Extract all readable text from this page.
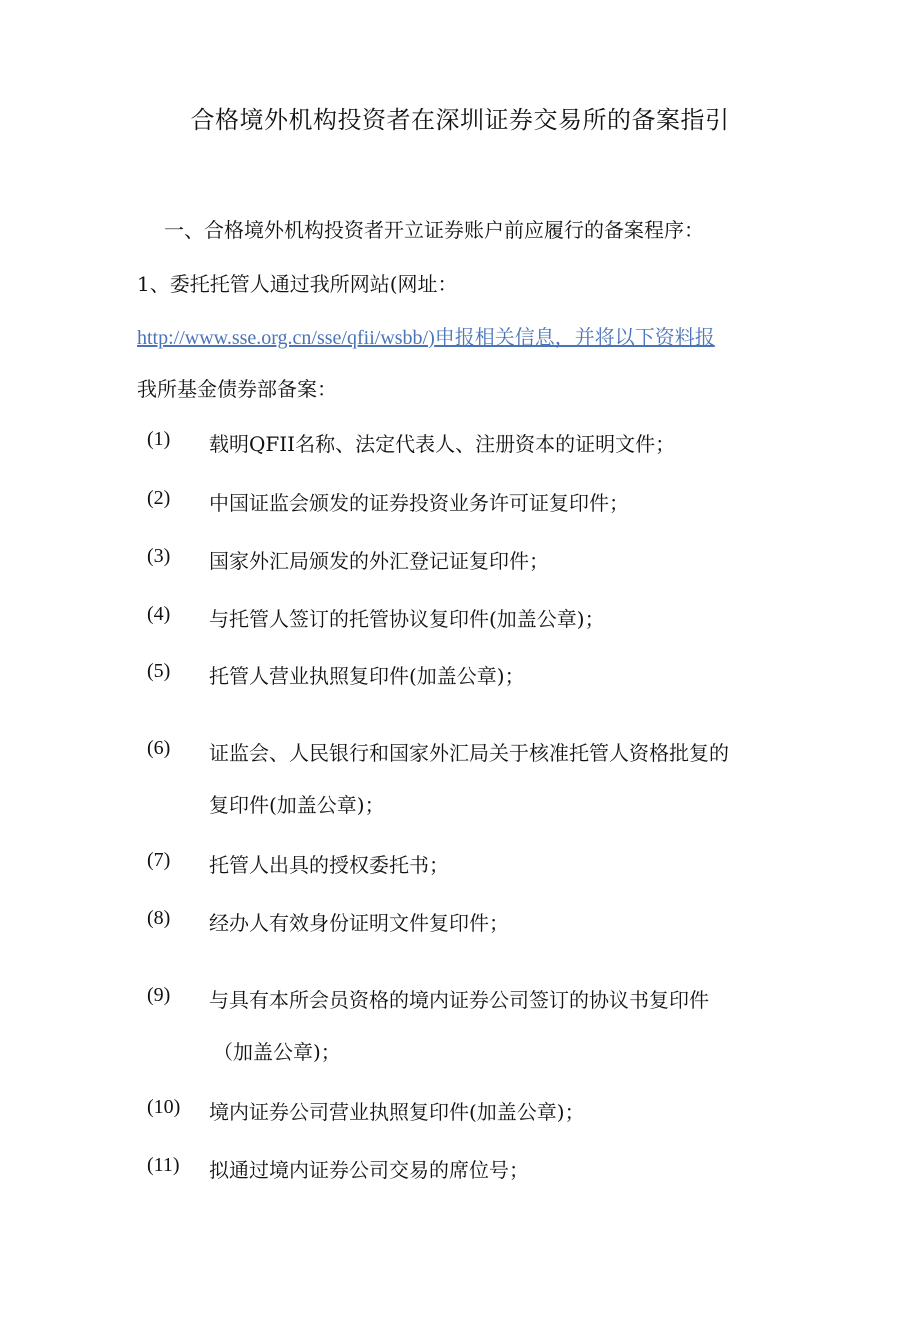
合格境外机构投资者在深圳证券交易所的备案指引
一、合格境外机构投资者开立证券账户前应履行的备案程序：
1、委托托管人通过我所网站(网址：
http://www.sse.org.cn/sse/qfii/wsbb/)申报相关信息，并将以下资料报
我所基金债券部备案：
(1) 载明QFII名称、法定代表人、注册资本的证明文件；
(2) 中国证监会颁发的证券投资业务许可证复印件；
(3) 国家外汇局颁发的外汇登记证复印件；
(4) 与托管人签订的托管协议复印件(加盖公章)；
(5) 托管人营业执照复印件(加盖公章)；
(6) 证监会、人民银行和国家外汇局关于核准托管人资格批复的
复印件(加盖公章)；
(7) 托管人出具的授权委托书；
(8) 经办人有效身份证明文件复印件；
(9) 与具有本所会员资格的境内证券公司签订的协议书复印件
（加盖公章)；
(10) 境内证券公司营业执照复印件(加盖公章)；
(11) 拟通过境内证券公司交易的席位号；
